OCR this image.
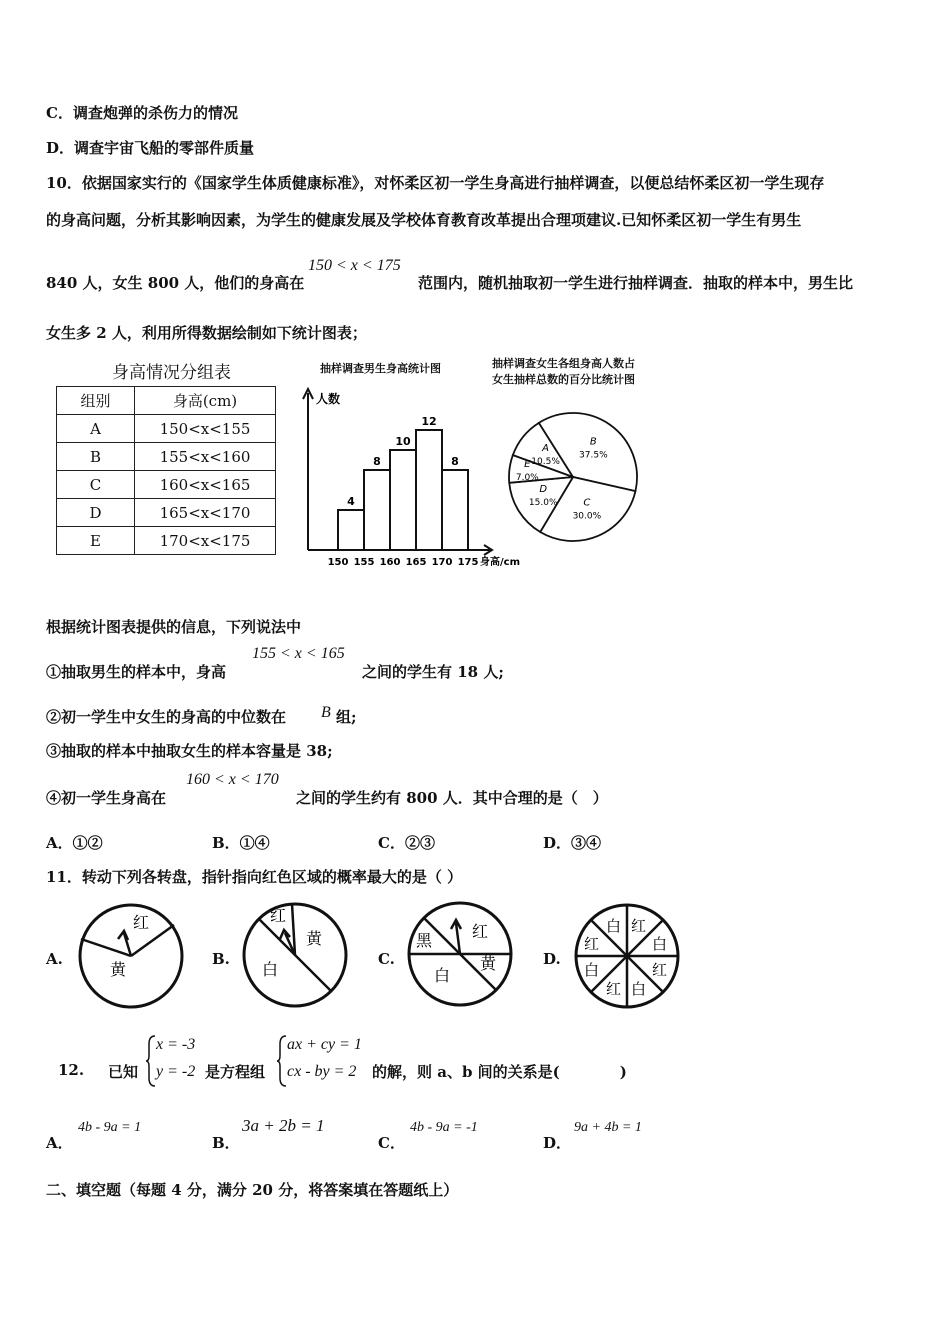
C．调查炮弹的杀伤力的情况
D．调查宇宙飞船的零部件质量
10．依据国家实行的《国家学生体质健康标准》，对怀柔区初一学生身高进行抽样调查，以便总结怀柔区初一学生现存
的身高问题，分析其影响因素，为学生的健康发展及学校体育教育改革提出合理项建议.已知怀柔区初一学生有男生
840 人，女生 800 人，他们的身高在
150 < x < 175
范围内，随机抽取初一学生进行抽样调查．抽取的样本中，男生比
女生多 2 人，利用所得数据绘制如下统计图表；
身高情况分组表
组别	身高(cm)
A	150<x<155
B	155<x<160
C	160<x<165
D	165<x<170
E	170<x<175
抽样调查男生身高统计图
人数
4
8
10
12
8
150 155 160 165 170 175 身高/cm
抽样调查女生各组身高人数占
女生抽样总数的百分比统计图
A
10.5%
B
37.5%
C
30.0%
D
15.0%
E
7.0%
根据统计图表提供的信息，下列说法中
①抽取男生的样本中，身高
155 < x < 165
之间的学生有 18 人;
②初一学生中女生的身高的中位数在 B 组;
③抽取的样本中抽取女生的样本容量是 38;
④初一学生身高在
160 < x < 170
之间的学生约有 800 人．其中合理的是（　）
A．①②	B．①④	C．②③	D．③④
11．转动下列各转盘，指针指向红色区域的概率最大的是（ ）
A.	B.	C.	D.
红
黄
红
黄
白
黑 红
白
黄
白 红
红	白
白	红
红 白
12. 已知
x = -3
y = -2 是方程组
ax + cy = 1
cx - by = 2 的解，则 a、b 间的关系是(　　　　)
A．
4b - 9a = 1
B．
3a + 2b = 1
C．
4b - 9a = -1
D．
9a + 4b = 1
二、填空题（每题 4 分，满分 20 分，将答案填在答题纸上）
